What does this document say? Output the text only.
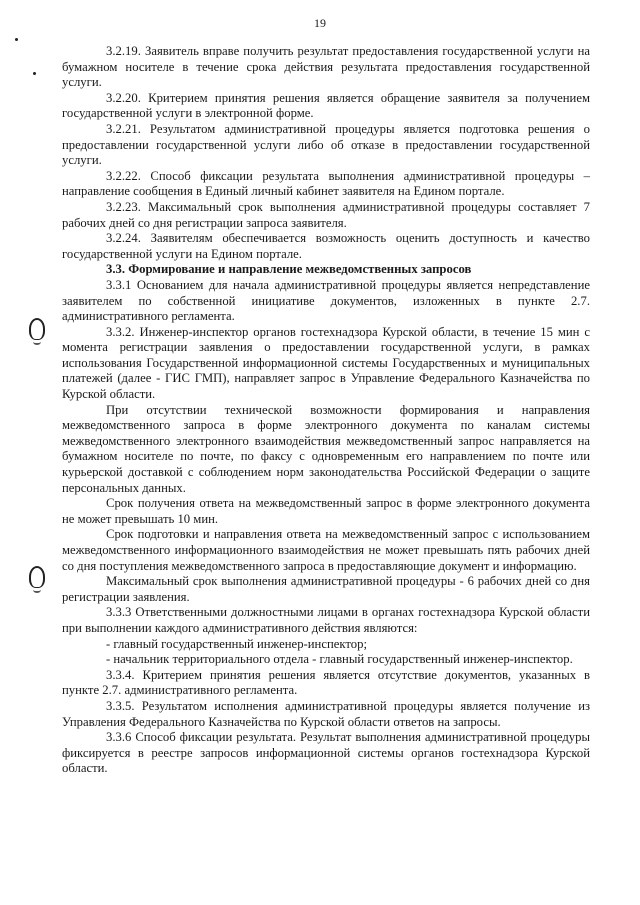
19

3.2.19. Заявитель вправе получить результат предоставления государственной услуги на бумажном носителе в течение срока действия результата предоставления государственной услуги.

3.2.20. Критерием принятия решения является обращение заявителя за получением государственной услуги в электронной форме.

3.2.21. Результатом административной процедуры является подготовка решения о предоставлении государственной услуги либо об отказе в предоставлении государственной услуги.

3.2.22. Способ фиксации результата выполнения административной процедуры – направление сообщения в Единый личный кабинет заявителя на Едином портале.

3.2.23. Максимальный срок выполнения административной процедуры составляет 7 рабочих дней со дня регистрации запроса заявителя.

3.2.24. Заявителям обеспечивается возможность оценить доступность и качество государственной услуги на Едином портале.

3.3. Формирование и направление межведомственных запросов

3.3.1 Основанием для начала административной процедуры является непредставление заявителем по собственной инициативе документов, изложенных в пункте 2.7. административного регламента.

3.3.2. Инженер-инспектор органов гостехнадзора Курской области, в течение 15 мин с момента регистрации заявления о предоставлении государственной услуги, в рамках использования Государственной информационной системы Государственных и муниципальных платежей (далее - ГИС ГМП), направляет запрос в Управление Федерального Казначейства по Курской области.

При отсутствии технической возможности формирования и направления межведомственного запроса в форме электронного документа по каналам системы межведомственного электронного взаимодействия межведомственный запрос направляется на бумажном носителе по почте, по факсу с одновременным его направлением по почте или курьерской доставкой с соблюдением норм законодательства Российской Федерации о защите персональных данных.

Срок получения ответа на межведомственный запрос в форме электронного документа не может превышать 10 мин.

Срок подготовки и направления ответа на межведомственный запрос с использованием межведомственного информационного взаимодействия не может превышать пять рабочих дней со дня поступления межведомственного запроса в предоставляющие документ и информацию.

Максимальный срок выполнения административной процедуры - 6 рабочих дней со дня регистрации заявления.

3.3.3 Ответственными должностными лицами в органах гостехнадзора Курской области при выполнении каждого административного действия являются:

- главный государственный инженер-инспектор;

- начальник территориального отдела - главный государственный инженер-инспектор.

3.3.4. Критерием принятия решения является отсутствие документов, указанных в пункте 2.7. административного регламента.

3.3.5. Результатом исполнения административной процедуры является получение из Управления Федерального Казначейства по Курской области ответов на запросы.

3.3.6 Способ фиксации результата. Результат выполнения административной процедуры фиксируется в реестре запросов информационной системы органов гостехнадзора Курской области.
